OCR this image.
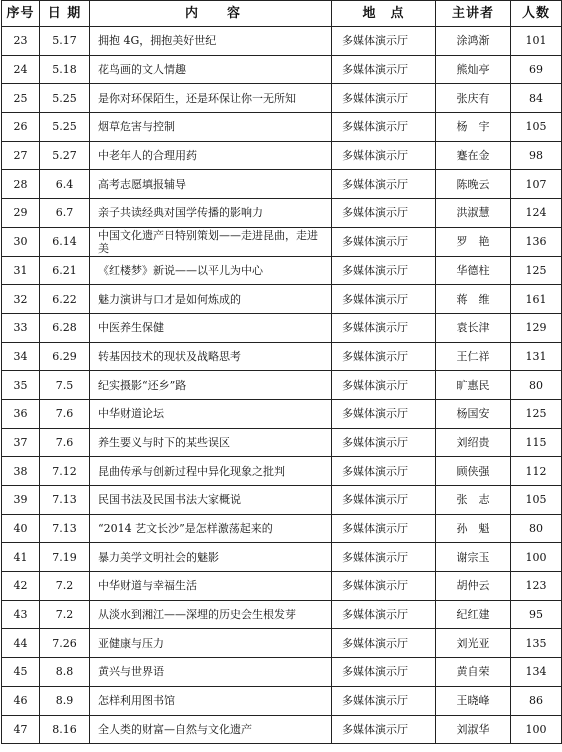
序号	日 期	内　　容	地　点	主讲者	人数
23	5.17	拥抱 4G，拥抱美好世纪	多媒体演示厅	涂鸿渐	101
24	5.18	花鸟画的文人情趣	多媒体演示厅	熊灿亭	69
25	5.25	是你对环保陌生，还是环保让你一无所知	多媒体演示厅	张庆有	84
26	5.25	烟草危害与控制	多媒体演示厅	杨　宇	105
27	5.27	中老年人的合理用药	多媒体演示厅	蹇在金	98
28	6.4	高考志愿填报辅导	多媒体演示厅	陈晚云	107
29	6.7	亲子共读经典对国学传播的影响力	多媒体演示厅	洪淑慧	124
30	6.14	中国文化遗产日特别策划——走进昆曲，走进美	多媒体演示厅	罗　艳	136
31	6.21	《红楼梦》新说——以平儿为中心	多媒体演示厅	华德柱	125
32	6.22	魅力演讲与口才是如何炼成的	多媒体演示厅	蒋　维	161
33	6.28	中医养生保健	多媒体演示厅	袁长津	129
34	6.29	转基因技术的现状及战略思考	多媒体演示厅	王仁祥	131
35	7.5	纪实摄影“还乡”路	多媒体演示厅	旷惠民	80
36	7.6	中华财道论坛	多媒体演示厅	杨国安	125
37	7.6	养生要义与时下的某些误区	多媒体演示厅	刘绍贵	115
38	7.12	昆曲传承与创新过程中异化现象之批判	多媒体演示厅	顾侠强	112
39	7.13	民国书法及民国书法大家概说	多媒体演示厅	张　志	105
40	7.13	“2014 艺文长沙”是怎样激荡起来的	多媒体演示厅	孙　魁	80
41	7.19	暴力美学文明社会的魅影	多媒体演示厅	谢宗玉	100
42	7.2	中华财道与幸福生活	多媒体演示厅	胡仲云	123
43	7.2	从淡水到湘江——深埋的历史会生根发芽	多媒体演示厅	纪红建	95
44	7.26	亚健康与压力	多媒体演示厅	刘光亚	135
45	8.8	黄兴与世界语	多媒体演示厅	黄自荣	134
46	8.9	怎样利用图书馆	多媒体演示厅	王晓峰	86
47	8.16	全人类的财富—自然与文化遗产	多媒体演示厅	刘淑华	100
